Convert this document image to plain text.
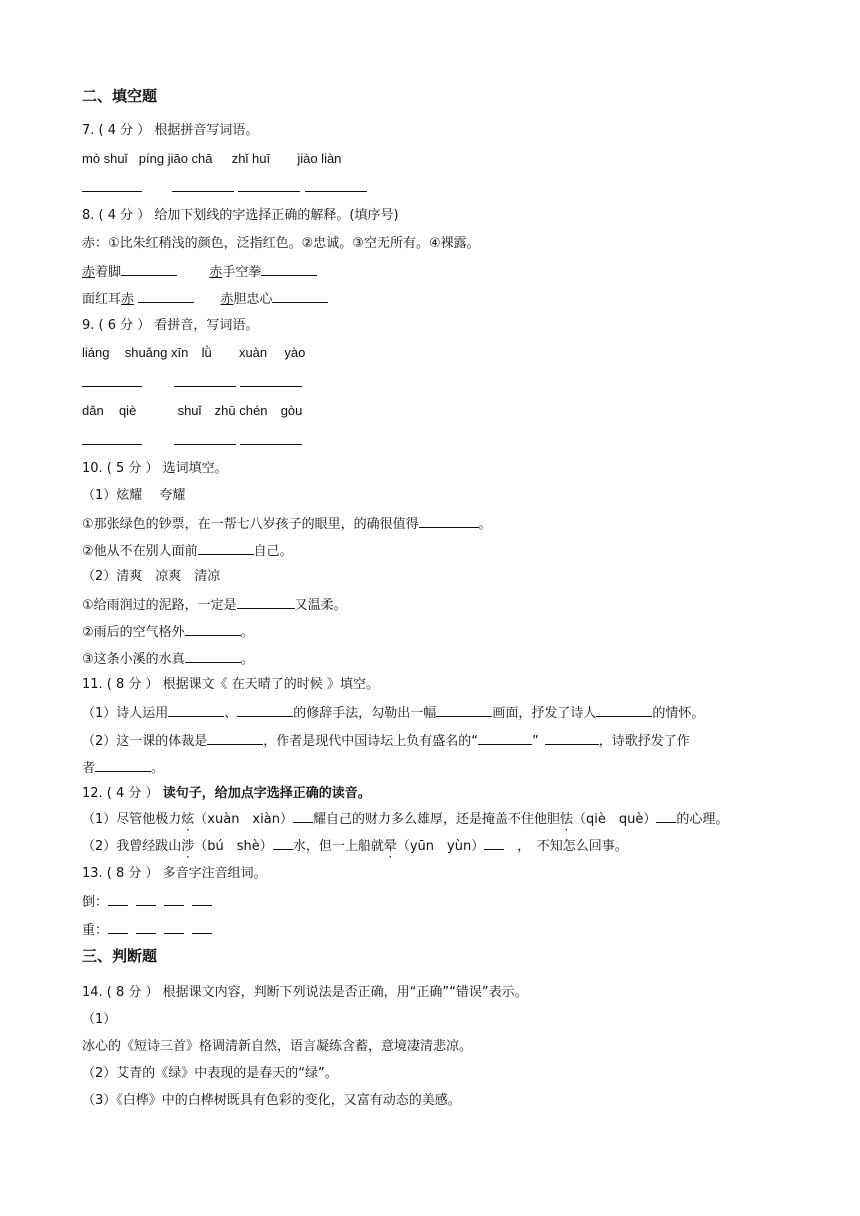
二、填空题
7. ( 4 分 ） 根据拼音写词语。
mò shuǐ píng jiāo chā zhǐ huī jiào liàn

8. ( 4 分 ） 给加下划线的字选择正确的解释。(填序号)
赤：①比朱红稍浅的颜色，泛指红色。②忠诚。③空无所有。④裸露。
赤着脚	赤手空拳
面红耳赤	赤胆忠心
9. ( 6 分 ） 看拼音，写词语。
liáng shuǎng xīn lǜ xuàn yào

dǎn qiè	shuǐ zhū chén gòu

10. ( 5 分 ） 选词填空。
（1）炫耀　 夸耀
①那张绿色的钞票，在一帮七八岁孩子的眼里，的确很值得	。
②他从不在别人面前	自己。
（2）清爽　凉爽　清凉
①给雨润过的泥路，一定是	又温柔。
②雨后的空气格外	。
③这条小溪的水真	。
11. ( 8 分 ） 根据课文《 在天晴了的时候 》填空。
（1）诗人运用	、	的修辞手法，勾勒出一幅	画面，抒发了诗人	的情怀。
（2）这一课的体裁是	，作者是现代中国诗坛上负有盛名的“	”	，诗歌抒发了作
者	。
12. ( 4 分 ） 读句子，给加点字选择正确的读音。
（1）尽管他极力炫（xuàn　xiàn） 耀自己的财力多么雄厚，还是掩盖不住他胆怯（qiè　què） 的心理。
（2）我曾经跋山涉（bú　shè） 水，但一上船就晕（yūn　yùn）　，　不知怎么回事。
13. ( 8 分 ） 多音字注音组词。
倒：
重：
三、判断题
14. ( 8 分 ） 根据课文内容，判断下列说法是否正确，用“正确”“错误”表示。
（1）
冰心的《短诗三首》格调清新自然，语言凝练含蓄，意境凄清悲凉。
（2）艾青的《绿》中表现的是春天的“绿”。
（3）《白桦》中的白桦树既具有色彩的变化，又富有动态的美感。
